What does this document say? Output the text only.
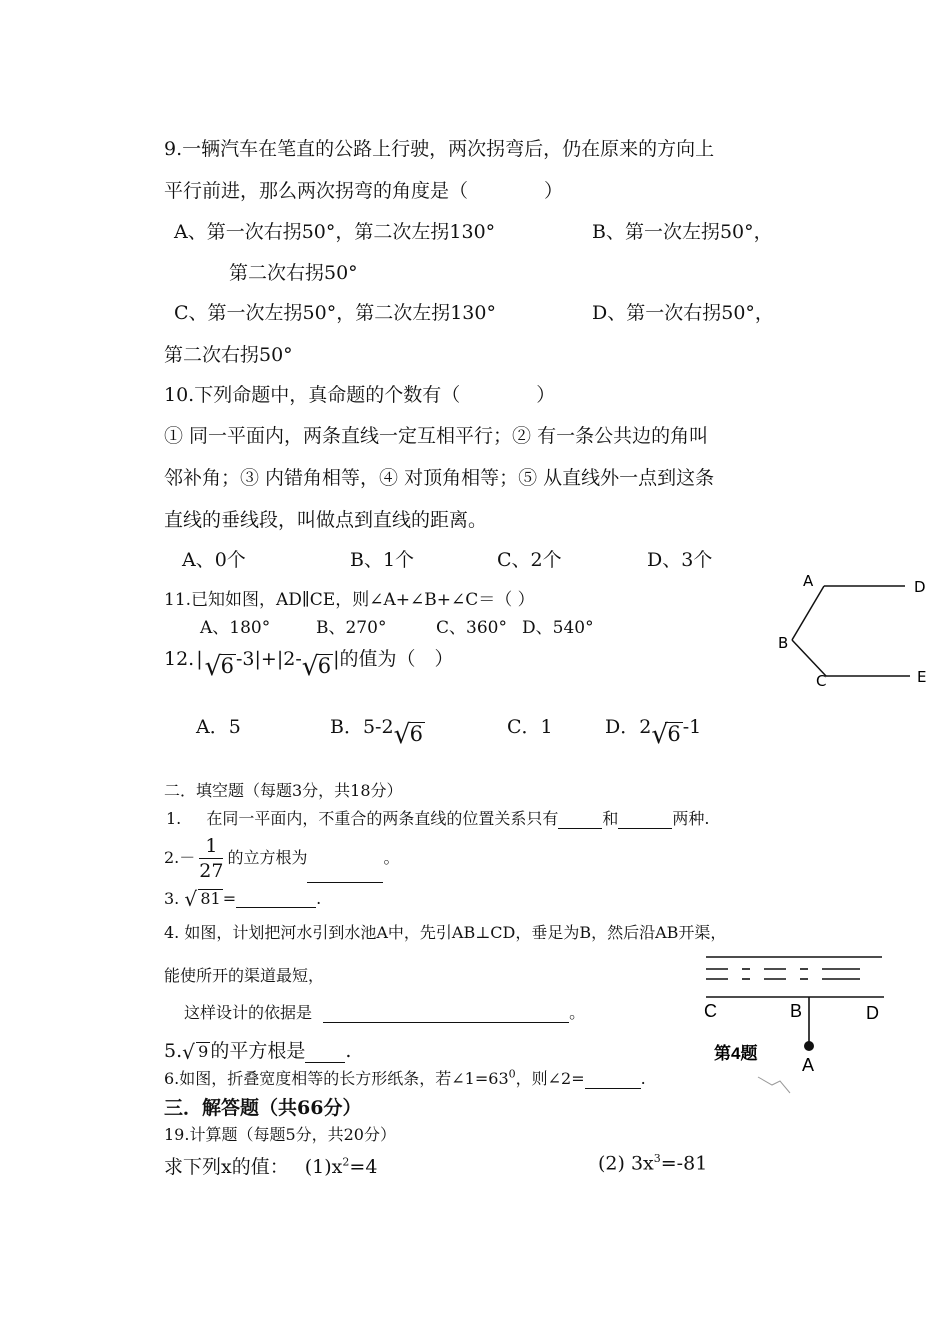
9.一辆汽车在笔直的公路上行驶，两次拐弯后，仍在原来的方向上
平行前进，那么两次拐弯的角度是（　　　　）
A、第一次右拐50°，第二次左拐130°	B、第一次左拐50°，
第二次右拐50°
C、第一次左拐50°，第二次左拐130°	D、第一次右拐50°，
第二次右拐50°
10.下列命题中，真命题的个数有（　　　　）
① 同一平面内，两条直线一定互相平行；② 有一条公共边的角叫
邻补角；③ 内错角相等，④ 对顶角相等；⑤ 从直线外一点到这条
直线的垂线段，叫做点到直线的距离。
A、0个	B、1个	C、2个	D、3个
11.已知如图，AD∥CE，则∠A+∠B+∠C＝（ ）
A、180°	B、270°	C、360° D、540°
A	D
B
C	E
12. | √ 6 -3|+|2- √ 6 |的值为（　）
A．5	B．5-2 √ 6	C．1	D．2 √ 6 -1
二．填空题（每题3分，共18分）
1. 在同一平面内，不重合的两条直线的位置关系只有	和	两种.
$2.- \frac{1}{27}$ 的立方根为	。
3. √ 81 =	.
4. 如图，计划把河水引到水池A中，先引AB⊥CD，垂足为B，然后沿AB开渠，
能使所开的渠道最短，
这样设计的依据是	。	C	B	D
A
第4题
5. √ 9 的平方根是 .
6.如图，折叠宽度相等的长方形纸条，若$\angle 1=63^0$，则∠2=	.
三．解答题（共66分）
19.计算题（每题5分，共20分）
求下列x的值： $(1)x^2=4$	(2) $3x^3=-81$
